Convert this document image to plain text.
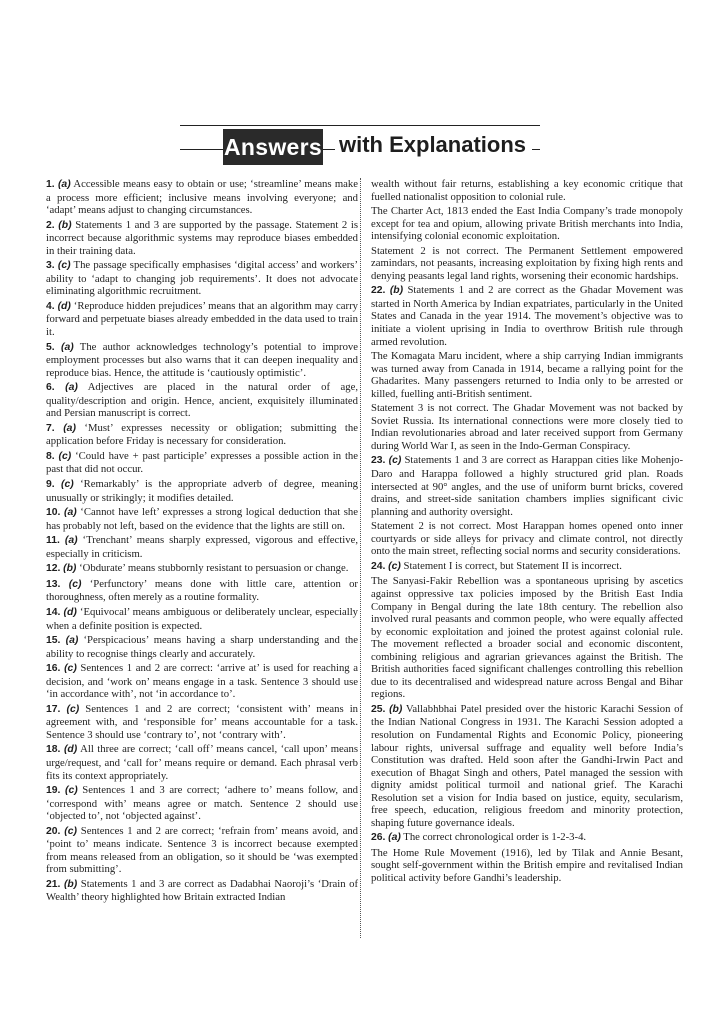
Answers with Explanations

1. (a) Accessible means easy to obtain or use; ‘streamline’ means make a process more efficient; inclusive means involving everyone; and ‘adapt’ means adjust to changing circumstances.

2. (b) Statements 1 and 3 are supported by the passage. Statement 2 is incorrect because algorithmic systems may reproduce biases embedded in their training data.

3. (c) The passage specifically emphasises ‘digital access’ and workers’ ability to ‘adapt to changing job requirements’. It does not advocate eliminating algorithmic recruitment.

4. (d) ‘Reproduce hidden prejudices’ means that an algorithm may carry forward and perpetuate biases already embedded in the data used to train it.

5. (a) The author acknowledges technology’s potential to improve employment processes but also warns that it can deepen inequality and reproduce bias. Hence, the attitude is ‘cautiously optimistic’.

6. (a) Adjectives are placed in the natural order of age, quality/description and origin. Hence, ancient, exquisitely illuminated and Persian manuscript is correct.

7. (a) ‘Must’ expresses necessity or obligation; submitting the application before Friday is necessary for consideration.

8. (c) ‘Could have + past participle’ expresses a possible action in the past that did not occur.

9. (c) ‘Remarkably’ is the appropriate adverb of degree, meaning unusually or strikingly; it modifies detailed.

10. (a) ‘Cannot have left’ expresses a strong logical deduction that she has probably not left, based on the evidence that the lights are still on.

11. (a) ‘Trenchant’ means sharply expressed, vigorous and effective, especially in criticism.

12. (b) ‘Obdurate’ means stubbornly resistant to persuasion or change.

13. (c) ‘Perfunctory’ means done with little care, attention or thoroughness, often merely as a routine formality.

14. (d) ‘Equivocal’ means ambiguous or deliberately unclear, especially when a definite position is expected.

15. (a) ‘Perspicacious’ means having a sharp understanding and the ability to recognise things clearly and accurately.

16. (c) Sentences 1 and 2 are correct: ‘arrive at’ is used for reaching a decision, and ‘work on’ means engage in a task. Sentence 3 should use ‘in accordance with’, not ‘in accordance to’.

17. (c) Sentences 1 and 2 are correct; ‘consistent with’ means in agreement with, and ‘responsible for’ means accountable for a task. Sentence 3 should use ‘contrary to’, not ‘contrary with’.

18. (d) All three are correct; ‘call off’ means cancel, ‘call upon’ means urge/request, and ‘call for’ means require or demand. Each phrasal verb fits its context appropriately.

19. (c) Sentences 1 and 3 are correct; ‘adhere to’ means follow, and ‘correspond with’ means agree or match. Sentence 2 should use ‘objected to’, not ‘objected against’.

20. (c) Sentences 1 and 2 are correct; ‘refrain from’ means avoid, and ‘point to’ means indicate. Sentence 3 is incorrect because exempted from means released from an obligation, so it should be ‘was exempted from submitting’.

21. (b) Statements 1 and 3 are correct as Dadabhai Naoroji’s ‘Drain of Wealth’ theory highlighted how Britain extracted Indian

wealth without fair returns, establishing a key economic critique that fuelled nationalist opposition to colonial rule.

The Charter Act, 1813 ended the East India Company’s trade monopoly except for tea and opium, allowing private British merchants into India, intensifying colonial economic exploitation.

Statement 2 is not correct. The Permanent Settlement empowered zamindars, not peasants, increasing exploitation by fixing high rents and denying peasants legal land rights, worsening their economic hardships.

22. (b) Statements 1 and 2 are correct as the Ghadar Movement was started in North America by Indian expatriates, particularly in the United States and Canada in the year 1914. The movement’s objective was to initiate a violent uprising in India to overthrow British rule through armed revolution.

The Komagata Maru incident, where a ship carrying Indian immigrants was turned away from Canada in 1914, became a rallying point for the Ghadarites. Many passengers returned to India only to be arrested or killed, fuelling anti-British sentiment.

Statement 3 is not correct. The Ghadar Movement was not backed by Soviet Russia. Its international connections were more closely tied to Indian revolutionaries abroad and later received support from Germany during World War I, as seen in the Indo-German Conspiracy.

23. (c) Statements 1 and 3 are correct as Harappan cities like Mohenjo-Daro and Harappa followed a highly structured grid plan. Roads intersected at 90° angles, and the use of uniform burnt bricks, covered drains, and street-side sanitation chambers implies significant civic planning and authority oversight.

Statement 2 is not correct. Most Harappan homes opened onto inner courtyards or side alleys for privacy and climate control, not directly onto the main street, reflecting social norms and security considerations.

24. (c) Statement I is correct, but Statement II is incorrect.

The Sanyasi-Fakir Rebellion was a spontaneous uprising by ascetics against oppressive tax policies imposed by the British East India Company in Bengal during the late 18th century. The rebellion also involved rural peasants and common people, who were equally affected by economic exploitation and joined the protest against colonial rule. The movement reflected a broader social and economic discontent, combining religious and agrarian grievances against the British. The British authorities faced significant challenges controlling this rebellion due to its decentralised and widespread nature across Bengal and Bihar regions.

25. (b) Vallabhbhai Patel presided over the historic Karachi Session of the Indian National Congress in 1931. The Karachi Session adopted a resolution on Fundamental Rights and Economic Policy, pioneering labour rights, universal suffrage and equality well before India’s Constitution was drafted. Held soon after the Gandhi-Irwin Pact and execution of Bhagat Singh and others, Patel managed the session with dignity amidst political turmoil and national grief. The Karachi Resolution set a vision for India based on justice, equity, secularism, free speech, education, religious freedom and minority protection, shaping future governance ideals.

26. (a) The correct chronological order is 1-2-3-4.

The Home Rule Movement (1916), led by Tilak and Annie Besant, sought self-government within the British empire and revitalised Indian political activity before Gandhi’s leadership.
